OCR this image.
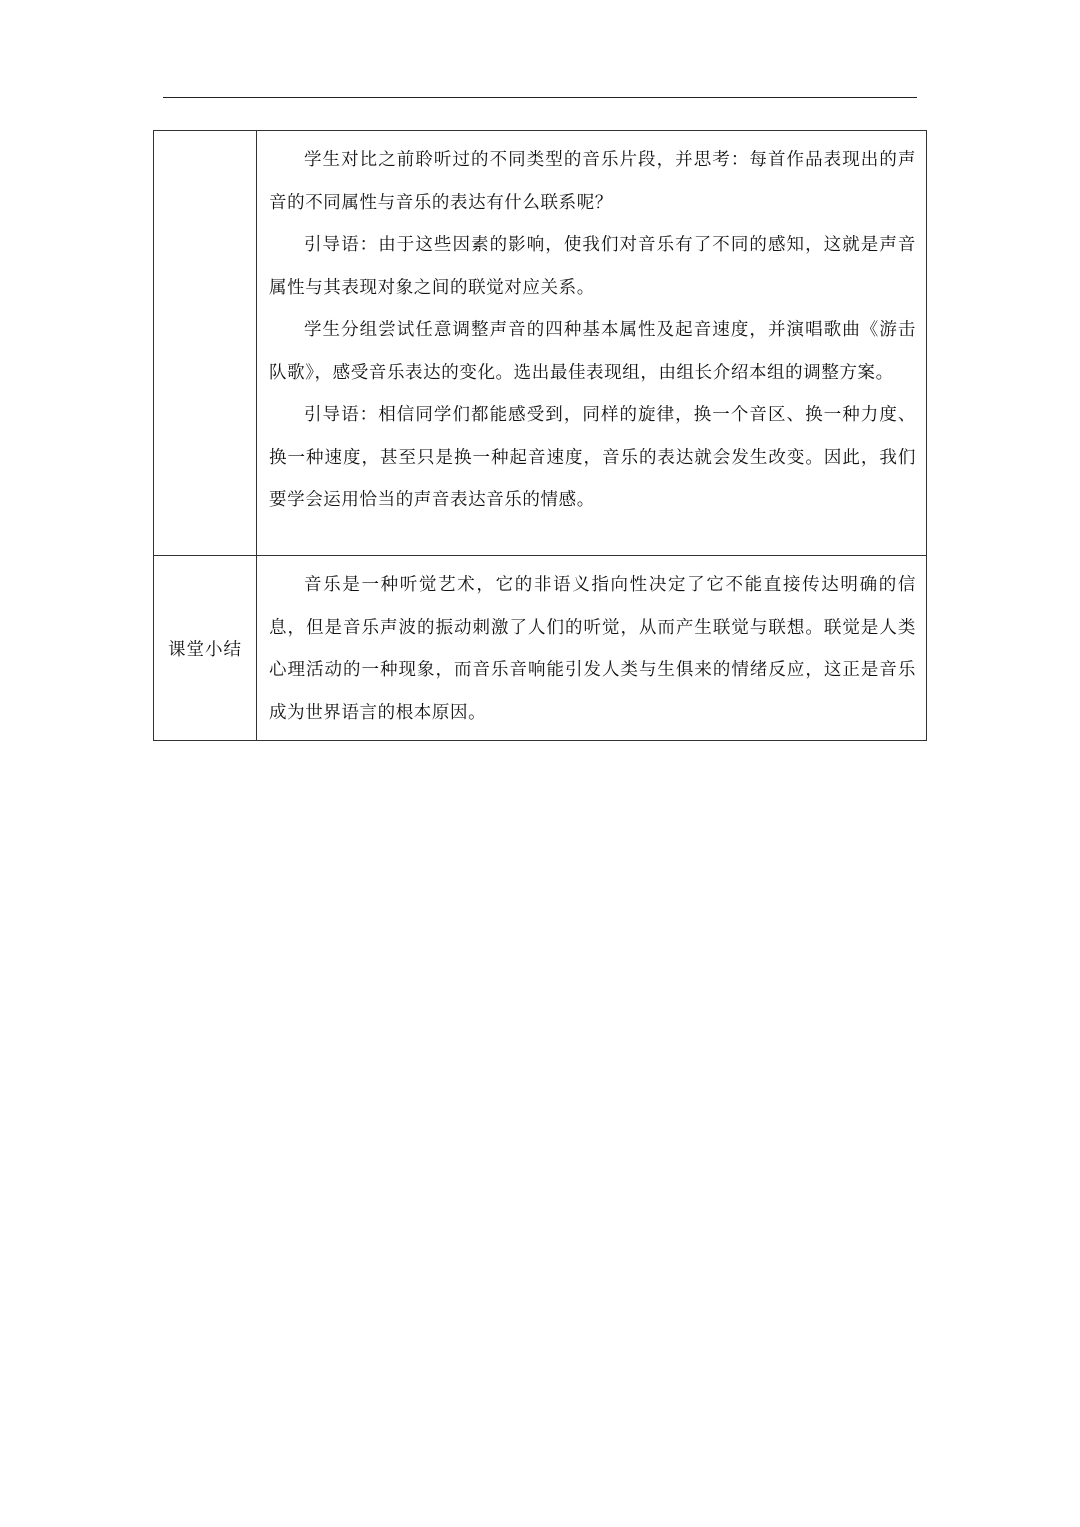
	学生对比之前聆听过的不同类型的音乐片段，并思考：每首作品表现出的声音的不同属性与音乐的表达有什么联系呢？

引导语：由于这些因素的影响，使我们对音乐有了不同的感知，这就是声音属性与其表现对象之间的联觉对应关系。

学生分组尝试任意调整声音的四种基本属性及起音速度，并演唱歌曲《游击队歌》，感受音乐表达的变化。选出最佳表现组，由组长介绍本组的调整方案。

引导语：相信同学们都能感受到，同样的旋律，换一个音区、换一种力度、换一种速度，甚至只是换一种起音速度，音乐的表达就会发生改变。因此，我们要学会运用恰当的声音表达音乐的情感。

课堂小结	音乐是一种听觉艺术，它的非语义指向性决定了它不能直接传达明确的信息，但是音乐声波的振动刺激了人们的听觉，从而产生联觉与联想。联觉是人类心理活动的一种现象，而音乐音响能引发人类与生俱来的情绪反应，这正是音乐成为世界语言的根本原因。
